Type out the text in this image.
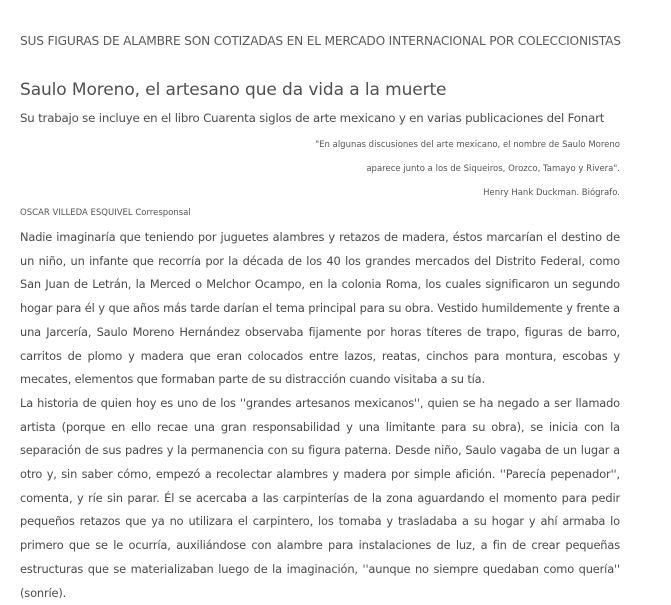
SUS FIGURAS DE ALAMBRE SON COTIZADAS EN EL MERCADO INTERNACIONAL POR COLECCIONISTAS
Saulo Moreno, el artesano que da vida a la muerte
Su trabajo se incluye en el libro Cuarenta siglos de arte mexicano y en varias publicaciones del Fonart
"En algunas discusiones del arte mexicano, el nombre de Saulo Moreno
aparece junto a los de Siqueiros, Orozco, Tamayo y Rivera".
Henry Hank Duckman. Biógrafo.
OSCAR VILLEDA ESQUIVEL Corresponsal

Nadie imaginaría que teniendo por juguetes alambres y retazos de madera, éstos marcarían el destino de un niño, un infante que recorría por la década de los 40 los grandes mercados del Distrito Federal, como San Juan de Letrán, la Merced o Melchor Ocampo, en la colonia Roma, los cuales significaron un segundo hogar para él y que años más tarde darían el tema principal para su obra. Vestido humildemente y frente a una Jarcería, Saulo Moreno Hernández observaba fijamente por horas títeres de trapo, figuras de barro, carritos de plomo y madera que eran colocados entre lazos, reatas, cinchos para montura, escobas y mecates, elementos que formaban parte de su distracción cuando visitaba a su tía.

La historia de quien hoy es uno de los ''grandes artesanos mexicanos'', quien se ha negado a ser llamado artista (porque en ello recae una gran responsabilidad y una limitante para su obra), se inicia con la separación de sus padres y la permanencia con su figura paterna. Desde niño, Saulo vagaba de un lugar a otro y, sin saber cómo, empezó a recolectar alambres y madera por simple afición. ''Parecía pepenador'', comenta, y ríe sin parar. Él se acercaba a las carpinterías de la zona aguardando el momento para pedir pequeños retazos que ya no utilizara el carpintero, los tomaba y trasladaba a su hogar y ahí armaba lo primero que se le ocurría, auxiliándose con alambre para instalaciones de luz, a fin de crear pequeñas estructuras que se materializaban luego de la imaginación, ''aunque no siempre quedaban como quería'' (sonríe).
